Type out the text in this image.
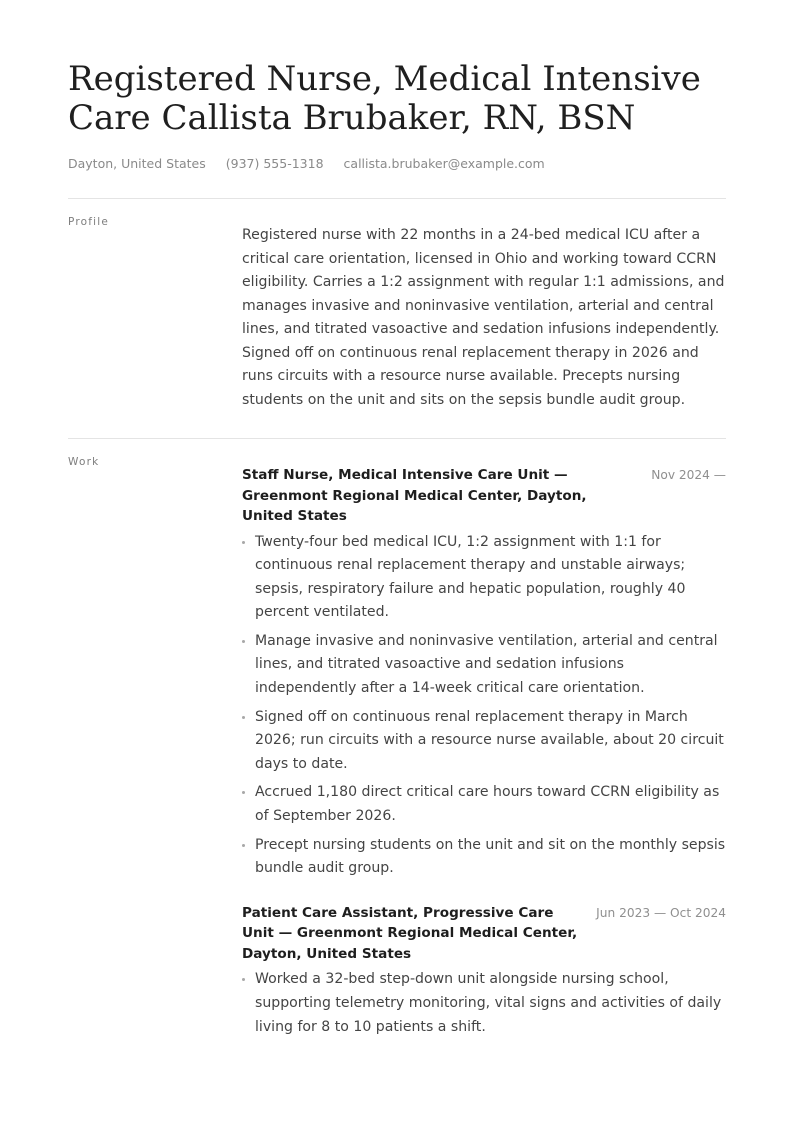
Registered Nurse, Medical Intensive Care Callista Brubaker, RN, BSN
Dayton, United States (937) 555-1318 callista.brubaker@example.com
Profile

Registered nurse with 22 months in a 24-bed medical ICU after a critical care orientation, licensed in Ohio and working toward CCRN eligibility. Carries a 1:2 assignment with regular 1:1 admissions, and manages invasive and noninvasive ventilation, arterial and central lines, and titrated vasoactive and sedation infusions independently. Signed off on continuous renal replacement therapy in 2026 and runs circuits with a resource nurse available. Precepts nursing students on the unit and sits on the sepsis bundle audit group.

Work
Staff Nurse, Medical Intensive Care Unit — Greenmont Regional Medical Center, Dayton, United States
Nov 2024 —
Twenty-four bed medical ICU, 1:2 assignment with 1:1 for continuous renal replacement therapy and unstable airways; sepsis, respiratory failure and hepatic population, roughly 40 percent ventilated.
Manage invasive and noninvasive ventilation, arterial and central lines, and titrated vasoactive and sedation infusions independently after a 14-week critical care orientation.
Signed off on continuous renal replacement therapy in March 2026; run circuits with a resource nurse available, about 20 circuit days to date.
Accrued 1,180 direct critical care hours toward CCRN eligibility as of September 2026.
Precept nursing students on the unit and sit on the monthly sepsis bundle audit group.
Patient Care Assistant, Progressive Care Unit — Greenmont Regional Medical Center, Dayton, United States
Jun 2023 — Oct 2024
Worked a 32-bed step-down unit alongside nursing school, supporting telemetry monitoring, vital signs and activities of daily living for 8 to 10 patients a shift.
